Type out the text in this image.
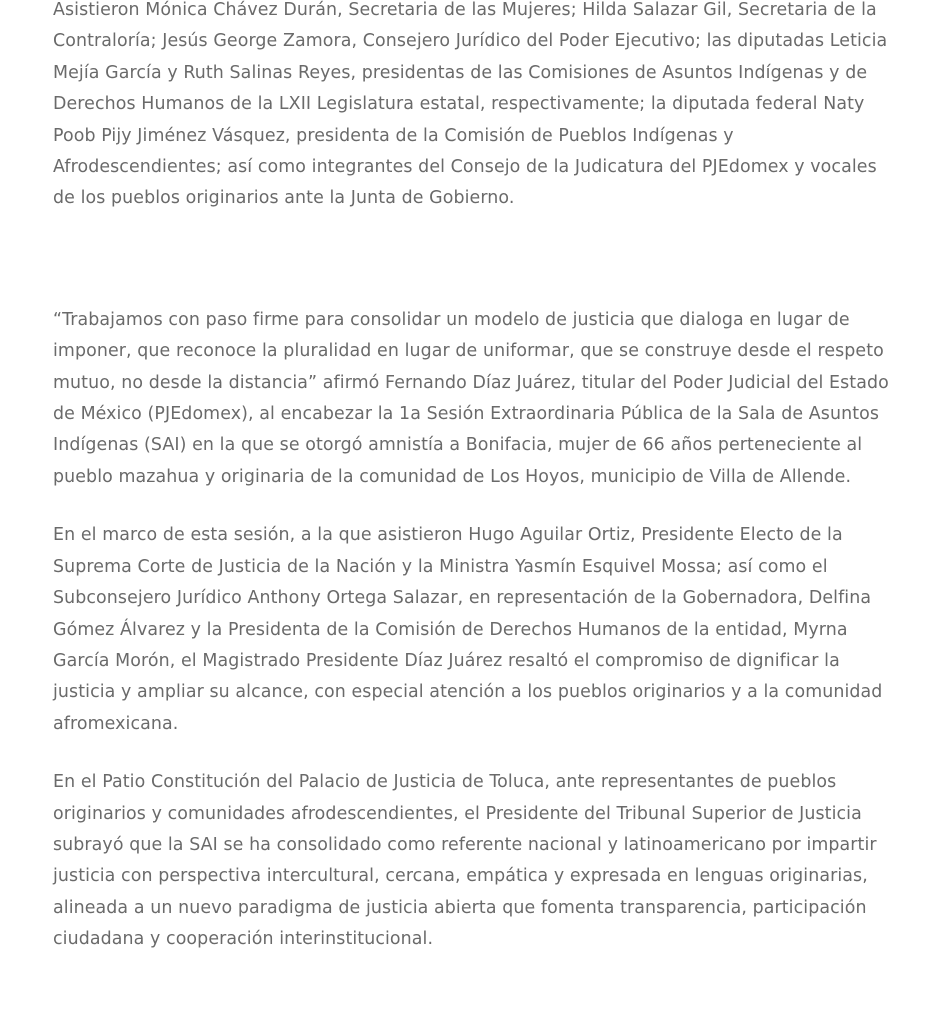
Asistieron Mónica Chávez Durán, Secretaria de las Mujeres; Hilda Salazar Gil, Secretaria de la Contraloría; Jesús George Zamora, Consejero Jurídico del Poder Ejecutivo; las diputadas Leticia Mejía García y Ruth Salinas Reyes, presidentas de las Comisiones de Asuntos Indígenas y de Derechos Humanos de la LXII Legislatura estatal, respectivamente; la diputada federal Naty Poob Pijy Jiménez Vásquez, presidenta de la Comisión de Pueblos Indígenas y Afrodescendientes; así como integrantes del Consejo de la Judicatura del PJEdomex y vocales de los pueblos originarios ante la Junta de Gobierno.

“Trabajamos con paso firme para consolidar un modelo de justicia que dialoga en lugar de imponer, que reconoce la pluralidad en lugar de uniformar, que se construye desde el respeto mutuo, no desde la distancia” afirmó Fernando Díaz Juárez, titular del Poder Judicial del Estado de México (PJEdomex), al encabezar la 1a Sesión Extraordinaria Pública de la Sala de Asuntos Indígenas (SAI) en la que se otorgó amnistía a Bonifacia, mujer de 66 años perteneciente al pueblo mazahua y originaria de la comunidad de Los Hoyos, municipio de Villa de Allende.

En el marco de esta sesión, a la que asistieron Hugo Aguilar Ortiz, Presidente Electo de la Suprema Corte de Justicia de la Nación y la Ministra Yasmín Esquivel Mossa; así como el Subconsejero Jurídico Anthony Ortega Salazar, en representación de la Gobernadora, Delfina Gómez Álvarez y la Presidenta de la Comisión de Derechos Humanos de la entidad, Myrna García Morón, el Magistrado Presidente Díaz Juárez resaltó el compromiso de dignificar la justicia y ampliar su alcance, con especial atención a los pueblos originarios y a la comunidad afromexicana.

En el Patio Constitución del Palacio de Justicia de Toluca, ante representantes de pueblos originarios y comunidades afrodescendientes, el Presidente del Tribunal Superior de Justicia subrayó que la SAI se ha consolidado como referente nacional y latinoamericano por impartir justicia con perspectiva intercultural, cercana, empática y expresada en lenguas originarias, alineada a un nuevo paradigma de justicia abierta que fomenta transparencia, participación ciudadana y cooperación interinstitucional.
